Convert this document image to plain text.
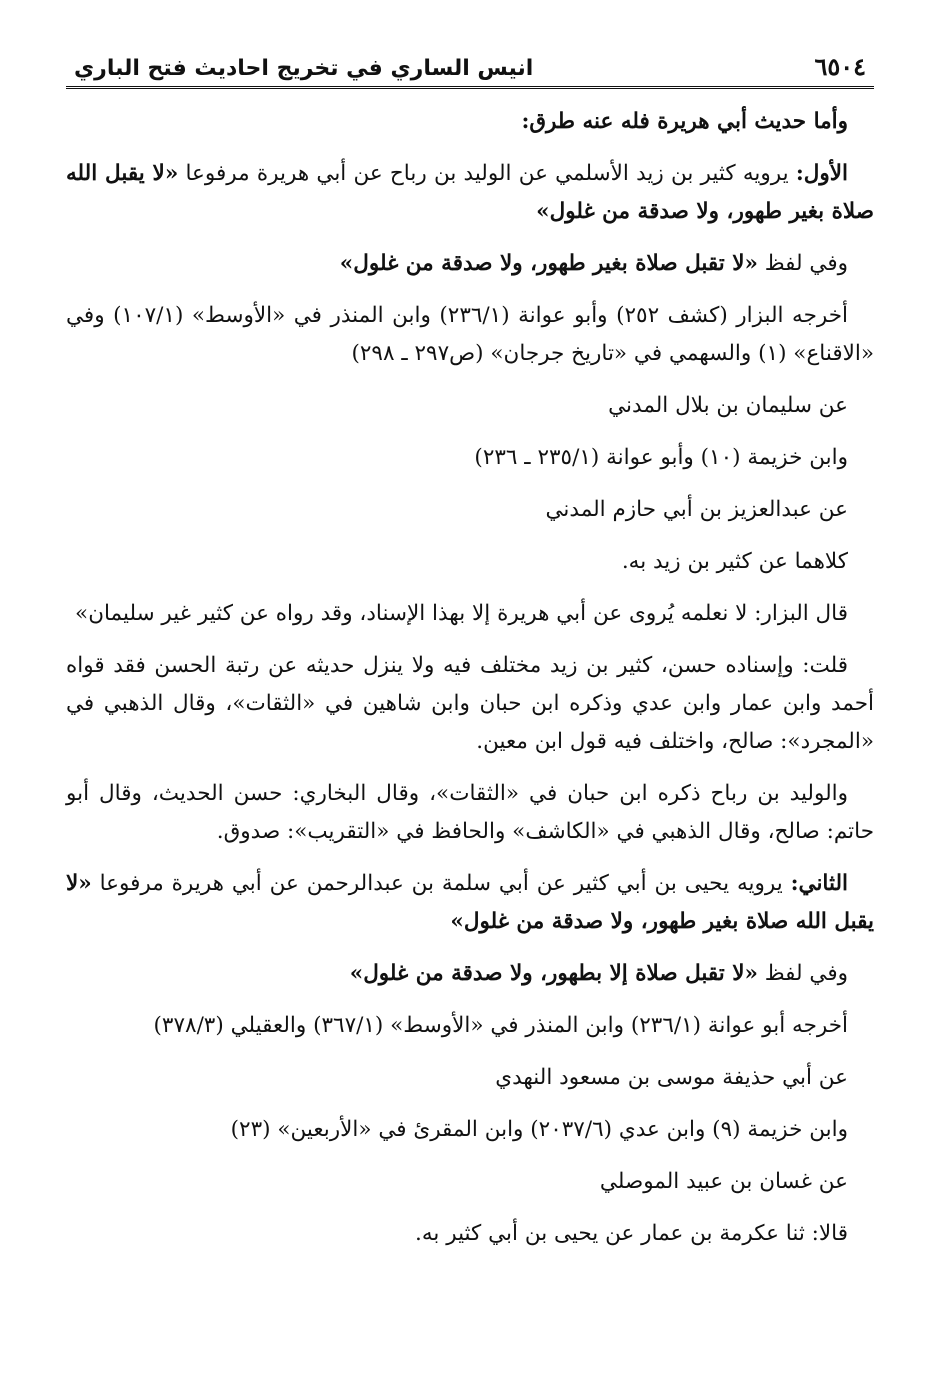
٦٥٠٤
انيس الساري في تخريج احاديث فتح الباري

وأما حديث أبي هريرة فله عنه طرق:

الأول: يرويه كثير بن زيد الأسلمي عن الوليد بن رباح عن أبي هريرة مرفوعا «لا يقبل الله صلاة بغير طهور، ولا صدقة من غلول»

وفي لفظ «لا تقبل صلاة بغير طهور، ولا صدقة من غلول»

أخرجه البزار (كشف ٢٥٢) وأبو عوانة (٢٣٦/١) وابن المنذر في «الأوسط» (١٠٧/١) وفي «الاقناع» (١) والسهمي في «تاريخ جرجان» (ص٢٩٧ ـ ٢٩٨)

عن سليمان بن بلال المدني

وابن خزيمة (١٠) وأبو عوانة (٢٣٥/١ ـ ٢٣٦)

عن عبدالعزيز بن أبي حازم المدني

كلاهما عن كثير بن زيد به.

قال البزار: لا نعلمه يُروى عن أبي هريرة إلا بهذا الإسناد، وقد رواه عن كثير غير سليمان»

قلت: وإسناده حسن، كثير بن زيد مختلف فيه ولا ينزل حديثه عن رتبة الحسن فقد قواه أحمد وابن عمار وابن عدي وذكره ابن حبان وابن شاهين في «الثقات»، وقال الذهبي في «المجرد»: صالح، واختلف فيه قول ابن معين.

والوليد بن رباح ذكره ابن حبان في «الثقات»، وقال البخاري: حسن الحديث، وقال أبو حاتم: صالح، وقال الذهبي في «الكاشف» والحافظ في «التقريب»: صدوق.

الثاني: يرويه يحيى بن أبي كثير عن أبي سلمة بن عبدالرحمن عن أبي هريرة مرفوعا «لا يقبل الله صلاة بغير طهور، ولا صدقة من غلول»

وفي لفظ «لا تقبل صلاة إلا بطهور، ولا صدقة من غلول»

أخرجه أبو عوانة (٢٣٦/١) وابن المنذر في «الأوسط» (٣٦٧/١) والعقيلي (٣٧٨/٣)

عن أبي حذيفة موسى بن مسعود النهدي

وابن خزيمة (٩) وابن عدي (٢٠٣٧/٦) وابن المقرئ في «الأربعين» (٢٣)

عن غسان بن عبيد الموصلي

قالا: ثنا عكرمة بن عمار عن يحيى بن أبي كثير به.
